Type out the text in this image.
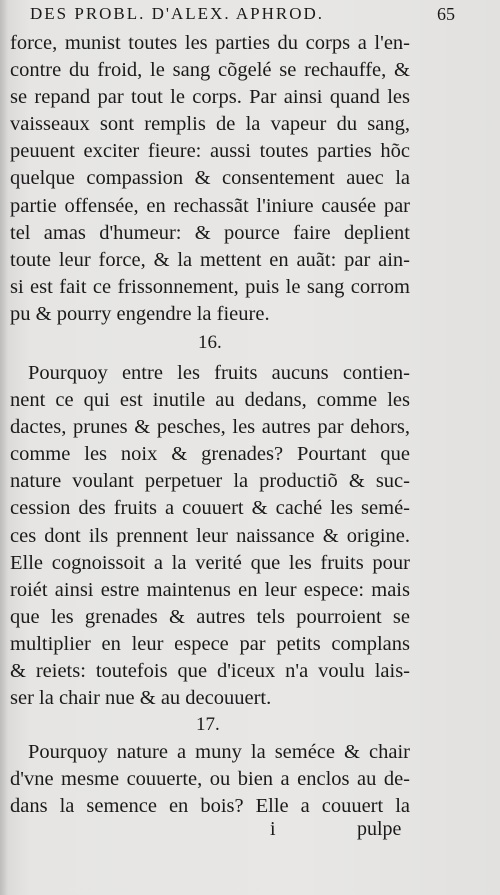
DES PROBL. D'ALEX. APHROD.	65
force, munist toutes les parties du corps a l'en-
contre du froid, le sang cõgelé se rechauffe, &
se repand par tout le corps. Par ainsi quand les
vaisseaux sont remplis de la vapeur du sang,
peuuent exciter fieure: aussi toutes parties hõc
quelque compassion & consentement auec la
partie offensée, en rechassãt l'iniure causée par
tel amas d'humeur: & pource faire deplient
toute leur force, & la mettent en auãt: par ain-
si est fait ce frissonnement, puis le sang corrom
pu & pourry engendre la fieure.
16.
Pourquoy entre les fruits aucuns contien-
nent ce qui est inutile au dedans, comme les
dactes, prunes & pesches, les autres par dehors,
comme les noix & grenades? Pourtant que
nature voulant perpetuer la productiõ & suc-
cession des fruits a couuert & caché les semé-
ces dont ils prennent leur naissance & origine.
Elle cognoissoit a la verité que les fruits pour
roiét ainsi estre maintenus en leur espece: mais
que les grenades & autres tels pourroient se
multiplier en leur espece par petits complans
& reiets: toutefois que d'iceux n'a voulu lais-
ser la chair nue & au decouuert.
17.
Pourquoy nature a muny la seméce & chair
d'vne mesme couuerte, ou bien a enclos au de-
dans la semence en bois? Elle a couuert la
i	pulpe
